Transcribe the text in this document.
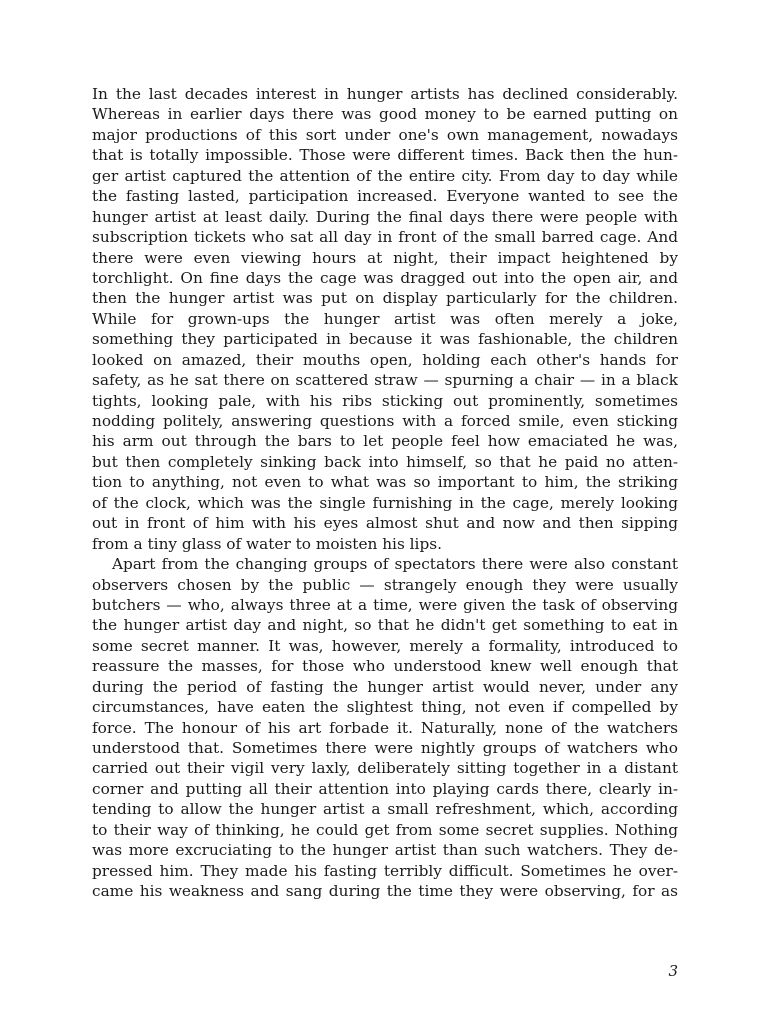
In the last decades interest in hunger artists has declined considerably.
Whereas in earlier days there was good money to be earned putting on
major productions of this sort under one's own management, nowadays
that is totally impossible. Those were different times. Back then the hun-
ger artist captured the attention of the entire city. From day to day while
the fasting lasted, participation increased. Everyone wanted to see the
hunger artist at least daily. During the final days there were people with
subscription tickets who sat all day in front of the small barred cage. And
there were even viewing hours at night, their impact heightened by
torchlight. On fine days the cage was dragged out into the open air, and
then the hunger artist was put on display particularly for the children.
While for grown-ups the hunger artist was often merely a joke,
something they participated in because it was fashionable, the children
looked on amazed, their mouths open, holding each other's hands for
safety, as he sat there on scattered straw — spurning a chair — in a black
tights, looking pale, with his ribs sticking out prominently, sometimes
nodding politely, answering questions with a forced smile, even sticking
his arm out through the bars to let people feel how emaciated he was,
but then completely sinking back into himself, so that he paid no atten-
tion to anything, not even to what was so important to him, the striking
of the clock, which was the single furnishing in the cage, merely looking
out in front of him with his eyes almost shut and now and then sipping
from a tiny glass of water to moisten his lips.
Apart from the changing groups of spectators there were also constant
observers chosen by the public — strangely enough they were usually
butchers — who, always three at a time, were given the task of observing
the hunger artist day and night, so that he didn't get something to eat in
some secret manner. It was, however, merely a formality, introduced to
reassure the masses, for those who understood knew well enough that
during the period of fasting the hunger artist would never, under any
circumstances, have eaten the slightest thing, not even if compelled by
force. The honour of his art forbade it. Naturally, none of the watchers
understood that. Sometimes there were nightly groups of watchers who
carried out their vigil very laxly, deliberately sitting together in a distant
corner and putting all their attention into playing cards there, clearly in-
tending to allow the hunger artist a small refreshment, which, according
to their way of thinking, he could get from some secret supplies. Nothing
was more excruciating to the hunger artist than such watchers. They de-
pressed him. They made his fasting terribly difficult. Sometimes he over-
came his weakness and sang during the time they were observing, for as
3
